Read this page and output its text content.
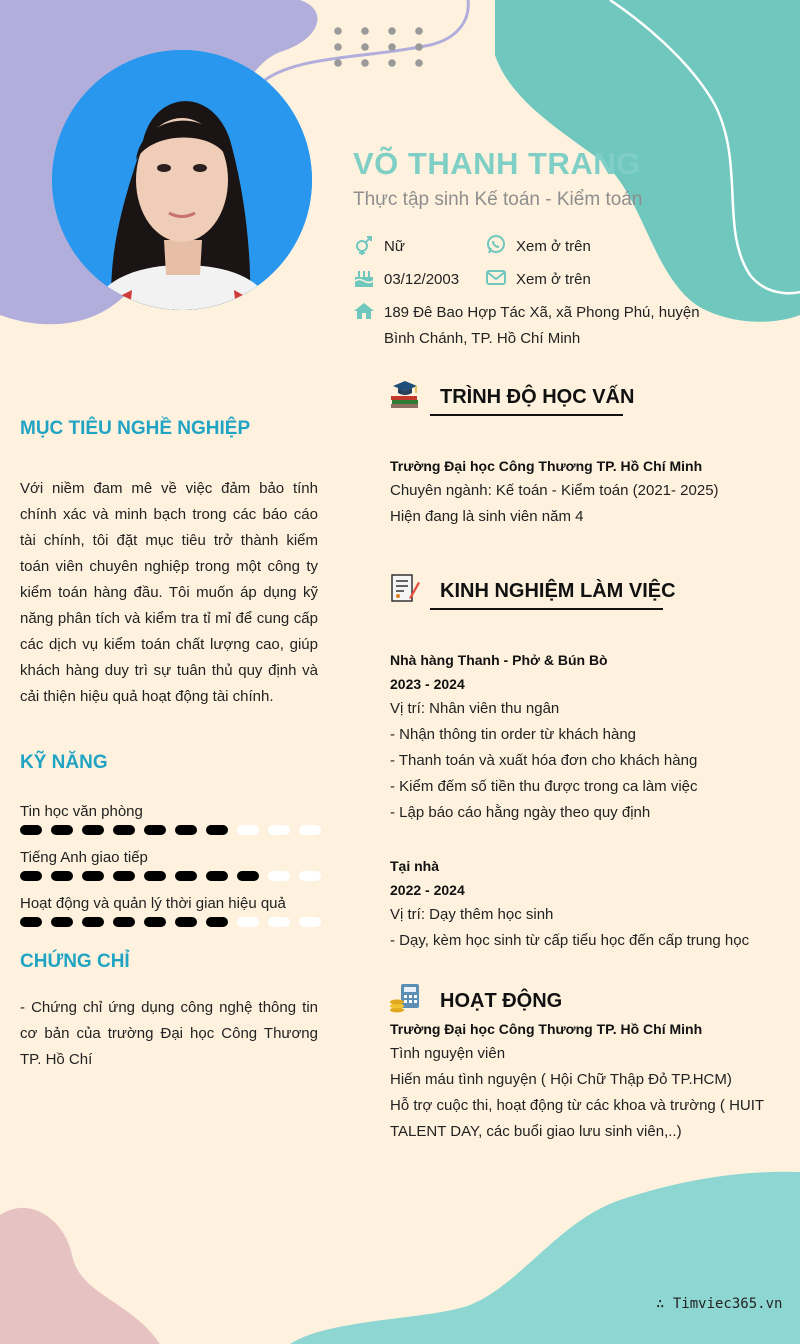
VÕ THANH TRANG
Thực tập sinh Kế toán - Kiểm toán
Nữ	Xem ở trên
03/12/2003	Xem ở trên
189 Đê Bao Hợp Tác Xã, xã Phong Phú, huyện
Bình Chánh, TP. Hồ Chí Minh
MỤC TIÊU NGHỀ NGHIỆP
Với niềm đam mê về việc đảm bảo tính chính xác và minh bạch trong các báo cáo tài chính, tôi đặt mục tiêu trở thành kiểm toán viên chuyên nghiệp trong một công ty kiểm toán hàng đầu. Tôi muốn áp dụng kỹ năng phân tích và kiểm tra tỉ mỉ để cung cấp các dịch vụ kiểm toán chất lượng cao, giúp khách hàng duy trì sự tuân thủ quy định và cải thiện hiệu quả hoạt động tài chính.
KỸ NĂNG
Tin học văn phòng
Tiếng Anh giao tiếp
Hoạt động và quản lý thời gian hiệu quả
CHỨNG CHỈ
- Chứng chỉ ứng dụng công nghệ thông tin cơ bản của trường Đại học Công Thương TP. Hồ Chí
TRÌNH ĐỘ HỌC VẤN
Trường Đại học Công Thương TP. Hồ Chí Minh
Chuyên ngành: Kế toán - Kiểm toán (2021- 2025)
Hiện đang là sinh viên năm 4
KINH NGHIỆM LÀM VIỆC
Nhà hàng Thanh - Phở & Bún Bò
2023 - 2024
Vị trí: Nhân viên thu ngân
- Nhận thông tin order từ khách hàng
- Thanh toán và xuất hóa đơn cho khách hàng
- Kiểm đếm số tiền thu được trong ca làm việc
- Lập báo cáo hằng ngày theo quy định
Tại nhà
2022 - 2024
Vị trí: Dạy thêm học sinh
- Dạy, kèm học sinh từ cấp tiểu học đến cấp trung học
HOẠT ĐỘNG
Trường Đại học Công Thương TP. Hồ Chí Minh
Tình nguyện viên
Hiến máu tình nguyện ( Hội Chữ Thập Đỏ TP.HCM)
Hỗ trợ cuộc thi, hoạt động từ các khoa và trường ( HUIT
TALENT DAY, các buổi giao lưu sinh viên,..)
∴ Timviec365.vn
